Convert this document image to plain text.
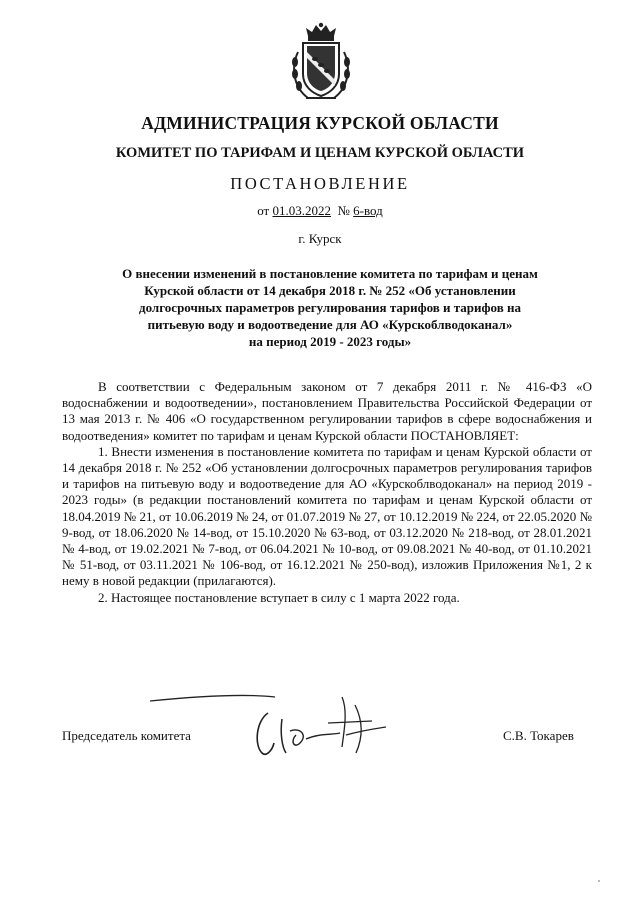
АДМИНИСТРАЦИЯ КУРСКОЙ ОБЛАСТИ
КОМИТЕТ ПО ТАРИФАМ И ЦЕНАМ КУРСКОЙ ОБЛАСТИ
ПОСТАНОВЛЕНИЕ
от 01.03.2022 № 6-вод
г. Курск
О внесении изменений в постановление комитета по тарифам и ценам
Курской области от 14 декабря 2018 г. № 252 «Об установлении
долгосрочных параметров регулирования тарифов и тарифов на
питьевую воду и водоотведение для АО «Курскоблводоканал»
на период 2019 - 2023 годы»

В соответствии с Федеральным законом от 7 декабря 2011 г. № 416-ФЗ «О водоснабжении и водоотведении», постановлением Правительства Российской Федерации от 13 мая 2013 г. № 406 «О государственном регулировании тарифов в сфере водоснабжения и водоотведения» комитет по тарифам и ценам Курской области ПОСТАНОВЛЯЕТ:

1. Внести изменения в постановление комитета по тарифам и ценам Курской области от 14 декабря 2018 г. № 252 «Об установлении долгосрочных параметров регулирования тарифов и тарифов на питьевую воду и водоотведение для АО «Курскоблводоканал» на период 2019 - 2023 годы» (в редакции постановлений комитета по тарифам и ценам Курской области от 18.04.2019 № 21, от 10.06.2019 № 24, от 01.07.2019 № 27, от 10.12.2019 № 224, от 22.05.2020 № 9-вод, от 18.06.2020 № 14-вод, от 15.10.2020 № 63-вод, от 03.12.2020 № 218-вод, от 28.01.2021 № 4-вод, от 19.02.2021 № 7-вод, от 06.04.2021 № 10-вод, от 09.08.2021 № 40-вод, от 01.10.2021 № 51-вод, от 03.11.2021 № 106-вод, от 16.12.2021 № 250-вод), изложив Приложения №1, 2 к нему в новой редакции (прилагаются).

2. Настоящее постановление вступает в силу с 1 марта 2022 года.

Председатель комитета	С.В. Токарев
